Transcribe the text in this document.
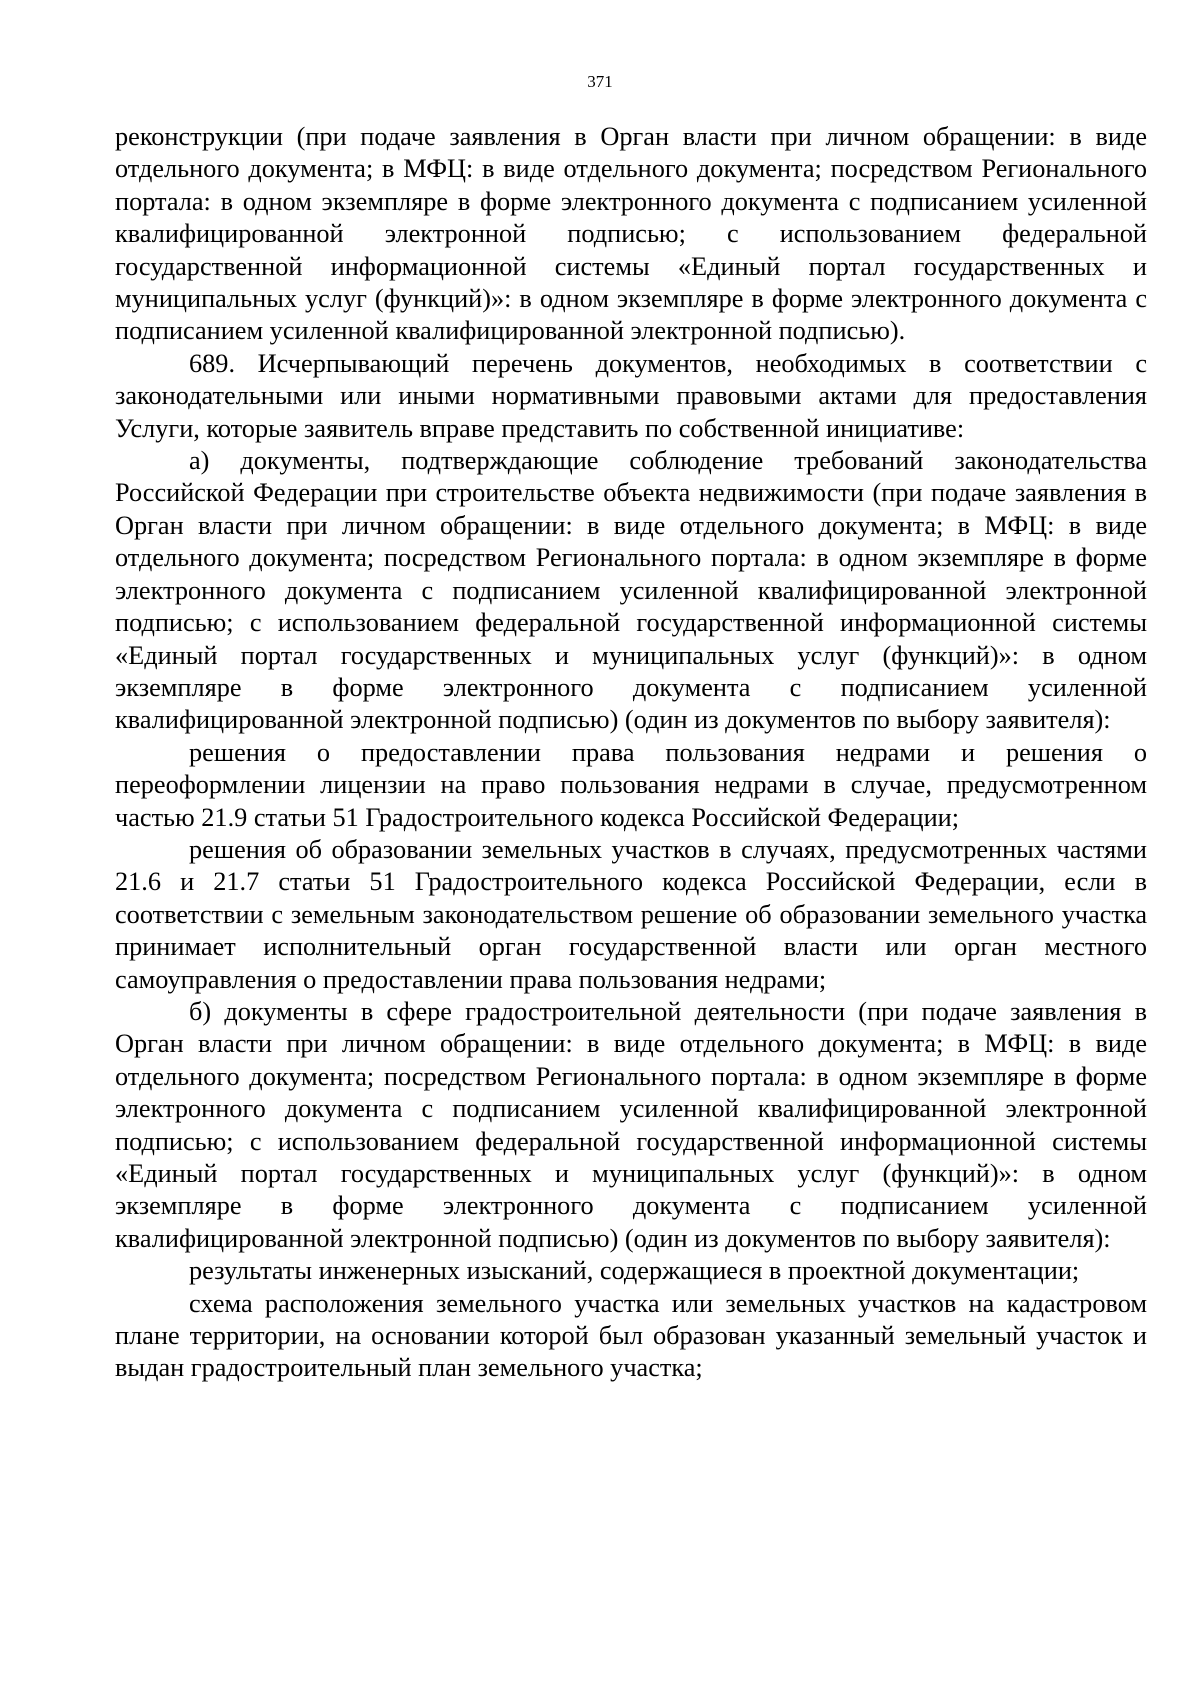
371

реконструкции (при подаче заявления в Орган власти при личном обращении: в виде отдельного документа; в МФЦ: в виде отдельного документа; посредством Регионального портала: в одном экземпляре в форме электронного документа с подписанием усиленной квалифицированной электронной подписью; с использованием федеральной государственной информационной системы «Единый портал государственных и муниципальных услуг (функций)»: в одном экземпляре в форме электронного документа с подписанием усиленной квалифицированной электронной подписью).

689. Исчерпывающий перечень документов, необходимых в соответствии с законодательными или иными нормативными правовыми актами для предоставления Услуги, которые заявитель вправе представить по собственной инициативе:

а) документы, подтверждающие соблюдение требований законодательства Российской Федерации при строительстве объекта недвижимости (при подаче заявления в Орган власти при личном обращении: в виде отдельного документа; в МФЦ: в виде отдельного документа; посредством Регионального портала: в одном экземпляре в форме электронного документа с подписанием усиленной квалифицированной электронной подписью; с использованием федеральной государственной информационной системы «Единый портал государственных и муниципальных услуг (функций)»: в одном экземпляре в форме электронного документа с подписанием усиленной квалифицированной электронной подписью) (один из документов по выбору заявителя):

решения о предоставлении права пользования недрами и решения о переоформлении лицензии на право пользования недрами в случае, предусмотренном частью 21.9 статьи 51 Градостроительного кодекса Российской Федерации;

решения об образовании земельных участков в случаях, предусмотренных частями 21.6 и 21.7 статьи 51 Градостроительного кодекса Российской Федерации, если в соответствии с земельным законодательством решение об образовании земельного участка принимает исполнительный орган государственной власти или орган местного самоуправления о предоставлении права пользования недрами;

б) документы в сфере градостроительной деятельности (при подаче заявления в Орган власти при личном обращении: в виде отдельного документа; в МФЦ: в виде отдельного документа; посредством Регионального портала: в одном экземпляре в форме электронного документа с подписанием усиленной квалифицированной электронной подписью; с использованием федеральной государственной информационной системы «Единый портал государственных и муниципальных услуг (функций)»: в одном экземпляре в форме электронного документа с подписанием усиленной квалифицированной электронной подписью) (один из документов по выбору заявителя):

результаты инженерных изысканий, содержащиеся в проектной документации;

схема расположения земельного участка или земельных участков на кадастровом плане территории, на основании которой был образован указанный земельный участок и выдан градостроительный план земельного участка;
